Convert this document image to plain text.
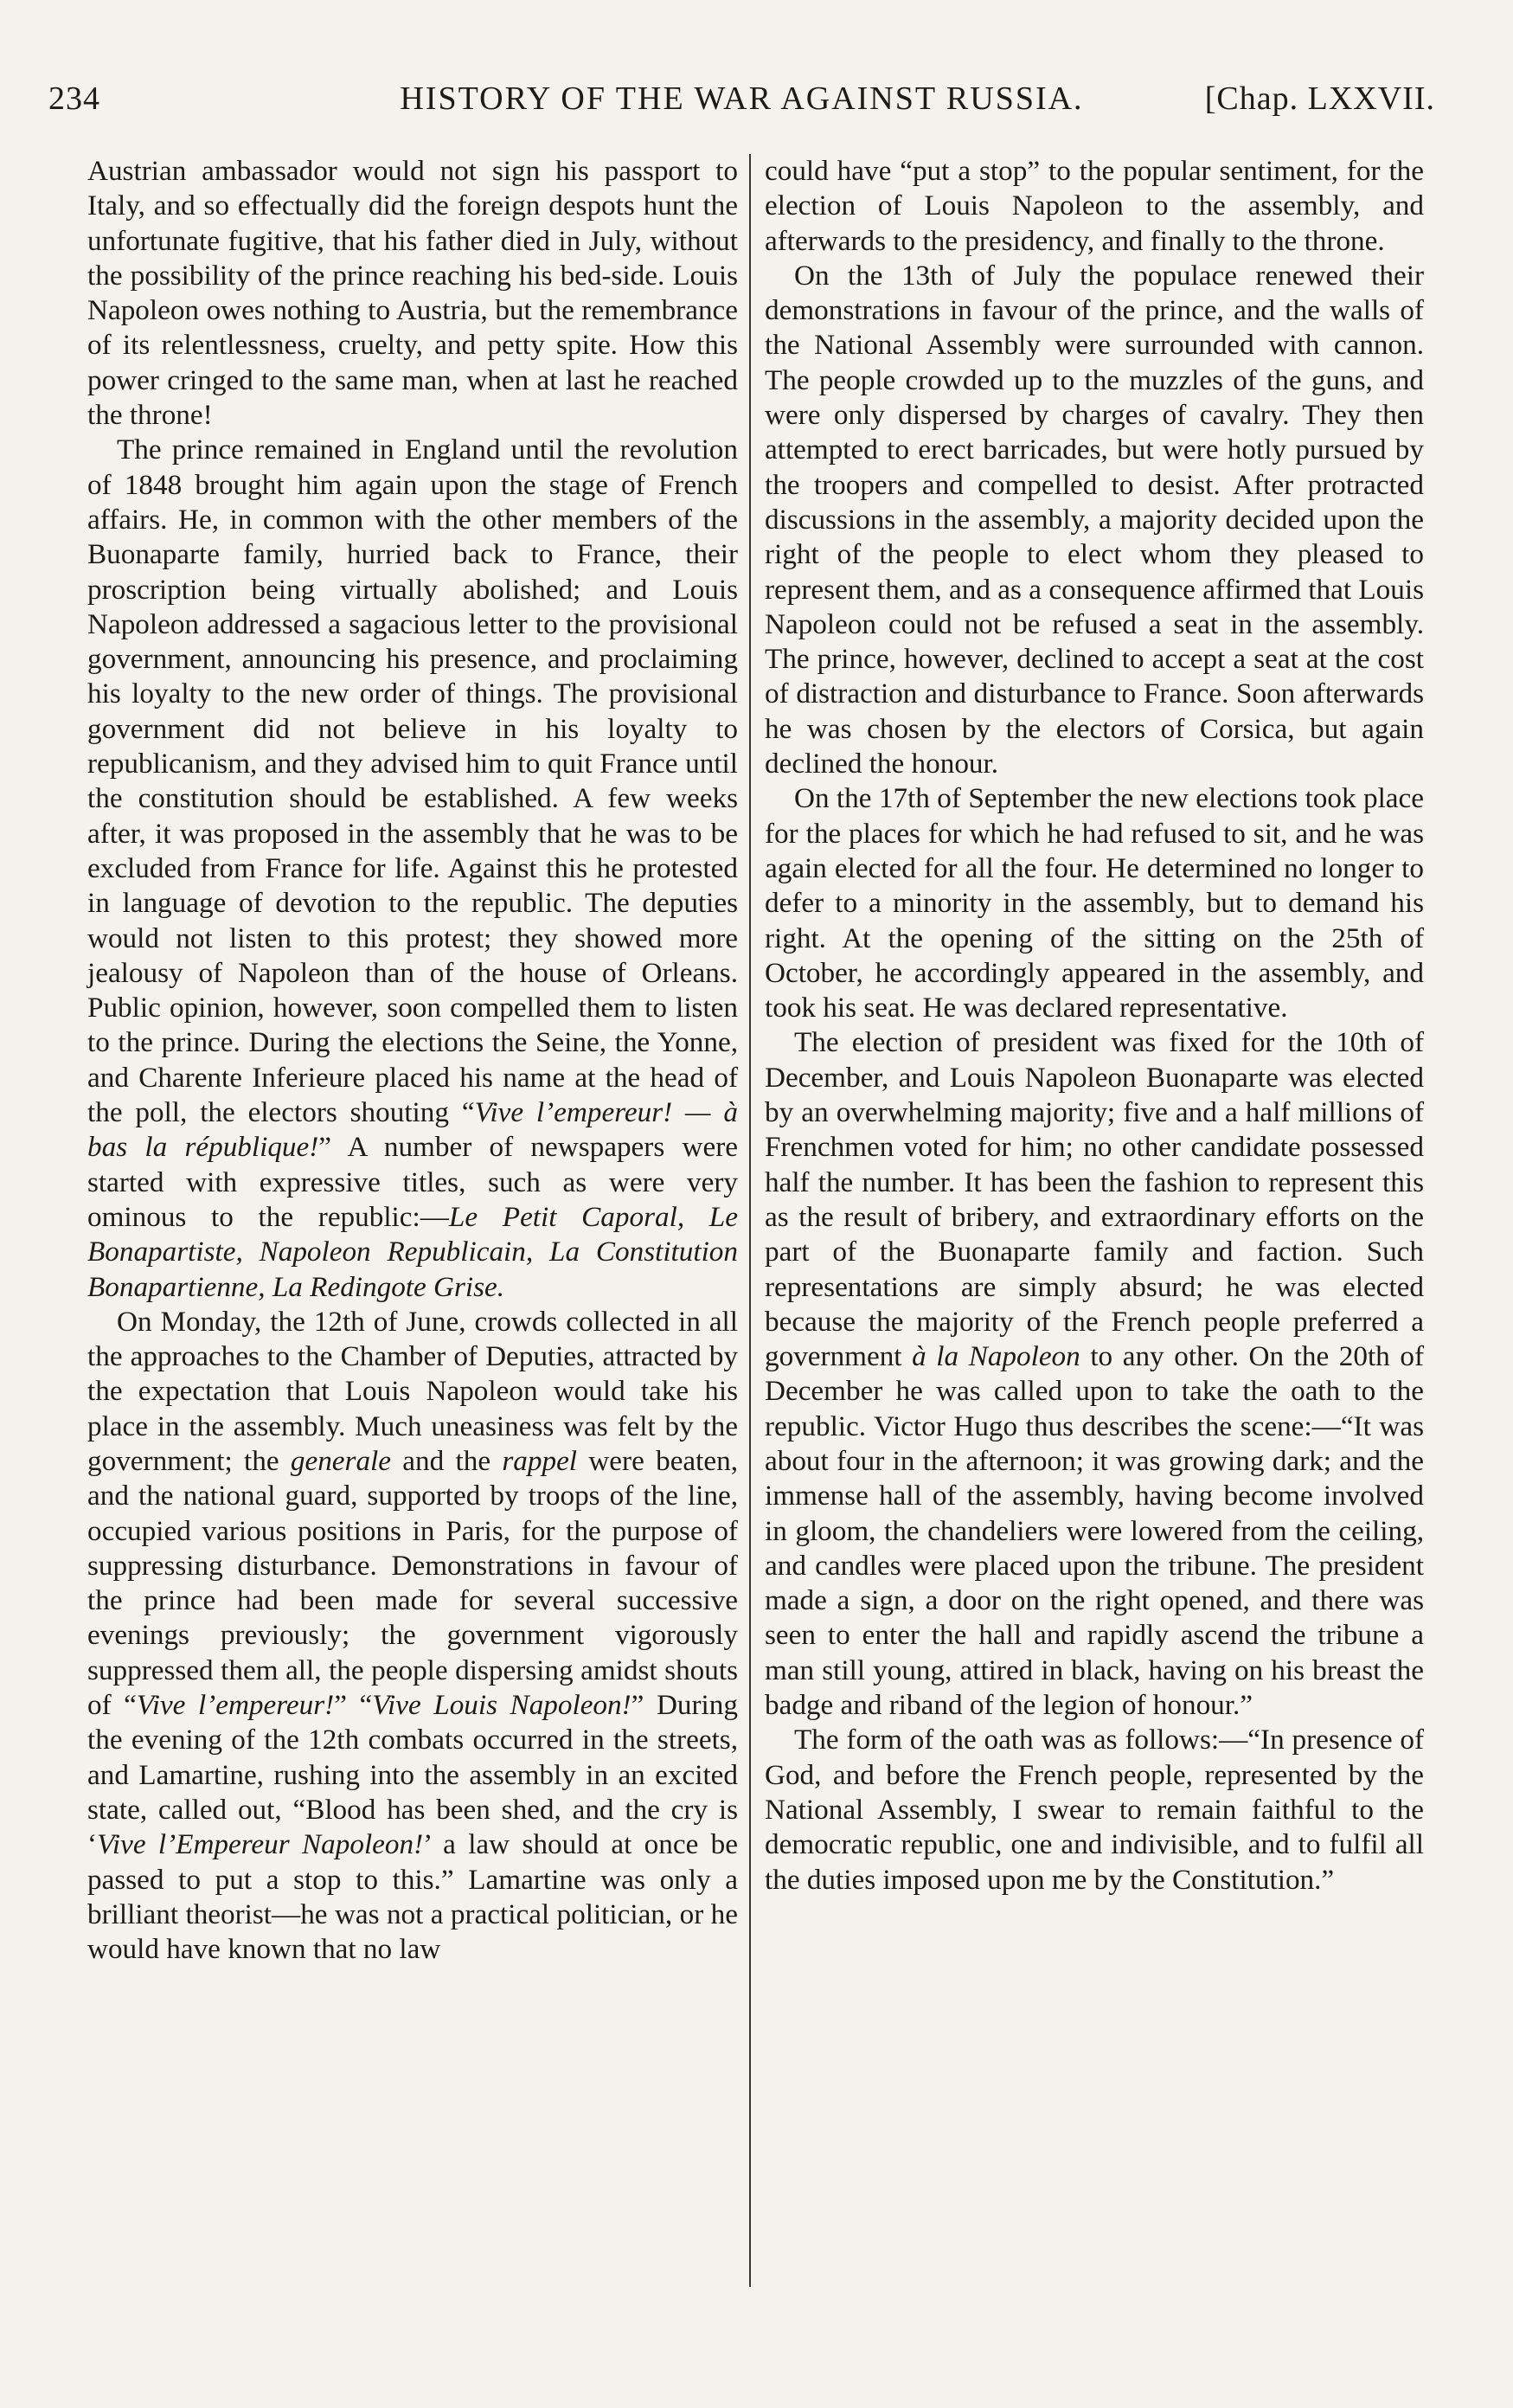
234	HISTORY OF THE WAR AGAINST RUSSIA.	[Chap. LXXVII.

Austrian ambassador would not sign his passport to Italy, and so effectually did the foreign despots hunt the unfortunate fugitive, that his father died in July, without the possibility of the prince reaching his bed-side. Louis Napoleon owes nothing to Austria, but the remembrance of its relentlessness, cruelty, and petty spite. How this power cringed to the same man, when at last he reached the throne!

The prince remained in England until the revolution of 1848 brought him again upon the stage of French affairs. He, in common with the other members of the Buonaparte family, hurried back to France, their proscription being virtually abolished; and Louis Napoleon addressed a sagacious letter to the provisional government, announcing his presence, and proclaiming his loyalty to the new order of things. The provisional government did not believe in his loyalty to republicanism, and they advised him to quit France until the constitution should be established. A few weeks after, it was proposed in the assembly that he was to be excluded from France for life. Against this he protested in language of devotion to the republic. The deputies would not listen to this protest; they showed more jealousy of Napoleon than of the house of Orleans. Public opinion, however, soon compelled them to listen to the prince. During the elections the Seine, the Yonne, and Charente Inferieure placed his name at the head of the poll, the electors shouting “Vive l’empereur! — à bas la république!” A number of newspapers were started with expressive titles, such as were very ominous to the republic:—Le Petit Caporal, Le Bonapartiste, Napoleon Republicain, La Constitution Bonapartienne, La Redingote Grise.

On Monday, the 12th of June, crowds collected in all the approaches to the Chamber of Deputies, attracted by the expectation that Louis Napoleon would take his place in the assembly. Much uneasiness was felt by the government; the generale and the rappel were beaten, and the national guard, supported by troops of the line, occupied various positions in Paris, for the purpose of suppressing disturbance. Demonstrations in favour of the prince had been made for several successive evenings previously; the government vigorously suppressed them all, the people dispersing amidst shouts of “Vive l’empereur!” “Vive Louis Napoleon!” During the evening of the 12th combats occurred in the streets, and Lamartine, rushing into the assembly in an excited state, called out, “Blood has been shed, and the cry is ‘Vive l’Empereur Napoleon!’ a law should at once be passed to put a stop to this.” Lamartine was only a brilliant theorist—he was not a practical politician, or he would have known that no law

could have “put a stop” to the popular sentiment, for the election of Louis Napoleon to the assembly, and afterwards to the presidency, and finally to the throne.

On the 13th of July the populace renewed their demonstrations in favour of the prince, and the walls of the National Assembly were surrounded with cannon. The people crowded up to the muzzles of the guns, and were only dispersed by charges of cavalry. They then attempted to erect barricades, but were hotly pursued by the troopers and compelled to desist. After protracted discussions in the assembly, a majority decided upon the right of the people to elect whom they pleased to represent them, and as a consequence affirmed that Louis Napoleon could not be refused a seat in the assembly. The prince, however, declined to accept a seat at the cost of distraction and disturbance to France. Soon afterwards he was chosen by the electors of Corsica, but again declined the honour.

On the 17th of September the new elections took place for the places for which he had refused to sit, and he was again elected for all the four. He determined no longer to defer to a minority in the assembly, but to demand his right. At the opening of the sitting on the 25th of October, he accordingly appeared in the assembly, and took his seat. He was declared representative.

The election of president was fixed for the 10th of December, and Louis Napoleon Buonaparte was elected by an overwhelming majority; five and a half millions of Frenchmen voted for him; no other candidate possessed half the number. It has been the fashion to represent this as the result of bribery, and extraordinary efforts on the part of the Buonaparte family and faction. Such representations are simply absurd; he was elected because the majority of the French people preferred a government à la Napoleon to any other. On the 20th of December he was called upon to take the oath to the republic. Victor Hugo thus describes the scene:—“It was about four in the afternoon; it was growing dark; and the immense hall of the assembly, having become involved in gloom, the chandeliers were lowered from the ceiling, and candles were placed upon the tribune. The president made a sign, a door on the right opened, and there was seen to enter the hall and rapidly ascend the tribune a man still young, attired in black, having on his breast the badge and riband of the legion of honour.”

The form of the oath was as follows:—“In presence of God, and before the French people, represented by the National Assembly, I swear to remain faithful to the democratic republic, one and indivisible, and to fulfil all the duties imposed upon me by the Constitution.”
